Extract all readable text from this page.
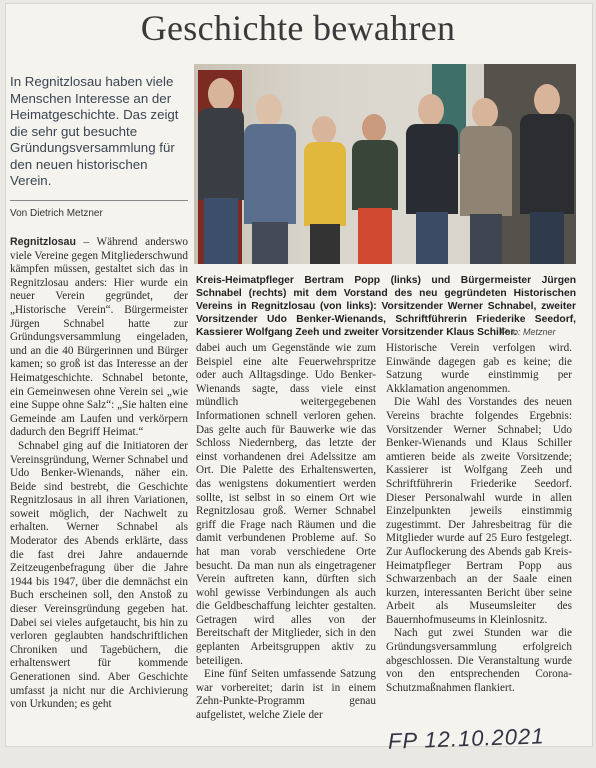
Geschichte bewahren
In Regnitzlosau haben viele Menschen Interesse an der Heimatgeschichte. Das zeigt die sehr gut besuchte Gründungsversammlung für den neuen historischen Verein.
Von Dietrich Metzner
Kreis-Heimatpfleger Bertram Popp (links) und Bürgermeister Jürgen Schnabel (rechts) mit dem Vorstand des neu gegründeten Historischen Vereins in Regnitzlosau (von links): Vorsitzender Werner Schnabel, zweiter Vorsitzender Udo Benker-Wienands, Schriftführerin Friederike Seedorf, Kassierer Wolfgang Zeeh und zweiter Vorsitzender Klaus Schiller.
Foto: Metzner

Regnitzlosau – Während anderswo viele Vereine gegen Mitgliederschwund kämpfen müssen, gestaltet sich das in Regnitzlosau anders: Hier wurde ein neuer Verein gegründet, der „Historische Verein“. Bürgermeister Jürgen Schnabel hatte zur Gründungsversammlung eingeladen, und an die 40 Bürgerinnen und Bürger kamen; so groß ist das Interesse an der Heimatgeschichte. Schnabel betonte, ein Gemeinwesen ohne Verein sei „wie eine Suppe ohne Salz“: „Sie halten eine Gemeinde am Laufen und verkörpern dadurch den Begriff Heimat.“

Schnabel ging auf die Initiatoren der Vereinsgründung, Werner Schnabel und Udo Benker-Wienands, näher ein. Beide sind bestrebt, die Geschichte Regnitzlosaus in all ihren Variationen, soweit möglich, der Nachwelt zu erhalten. Werner Schnabel als Moderator des Abends erklärte, dass die fast drei Jahre andauernde Zeitzeugenbefragung über die Jahre 1944 bis 1947, über die demnächst ein Buch erscheinen soll, den Anstoß zu dieser Vereinsgründung gegeben hat. Dabei sei vieles aufgetaucht, bis hin zu verloren geglaubten handschriftlichen Chroniken und Tagebüchern, die erhaltenswert für kommende Generationen sind. Aber Geschichte umfasst ja nicht nur die Archivierung von Urkunden; es geht

dabei auch um Gegenstände wie zum Beispiel eine alte Feuerwehrspritze oder auch Alltagsdinge. Udo Benker-Wienands sagte, dass viele einst mündlich weitergegebenen Informationen schnell verloren gehen. Das gelte auch für Bauwerke wie das Schloss Niedernberg, das letzte der einst vorhandenen drei Adelssitze am Ort. Die Palette des Erhaltenswerten, das wenigstens dokumentiert werden sollte, ist selbst in so einem Ort wie Regnitzlosau groß. Werner Schnabel griff die Frage nach Räumen und die damit verbundenen Probleme auf. So hat man vorab verschiedene Orte besucht. Da man nun als eingetragener Verein auftreten kann, dürften sich wohl gewisse Verbindungen als auch die Geldbeschaffung leichter gestalten. Getragen wird alles von der Bereitschaft der Mitglieder, sich in den geplanten Arbeitsgruppen aktiv zu beteiligen.

Eine fünf Seiten umfassende Satzung war vorbereitet; darin ist in einem Zehn-Punkte-Programm genau aufgelistet, welche Ziele der

Historische Verein verfolgen wird. Einwände dagegen gab es keine; die Satzung wurde einstimmig per Akklamation angenommen.

Die Wahl des Vorstandes des neuen Vereins brachte folgendes Ergebnis: Vorsitzender Werner Schnabel; Udo Benker-Wienands und Klaus Schiller amtieren beide als zweite Vorsitzende; Kassierer ist Wolfgang Zeeh und Schriftführerin Friederike Seedorf. Dieser Personalwahl wurde in allen Einzelpunkten jeweils einstimmig zugestimmt. Der Jahresbeitrag für die Mitglieder wurde auf 25 Euro festgelegt. Zur Auflockerung des Abends gab Kreis-Heimatpfleger Bertram Popp aus Schwarzenbach an der Saale einen kurzen, interessanten Bericht über seine Arbeit als Museumsleiter des Bauernhofmuseums in Kleinlosnitz.

Nach gut zwei Stunden war die Gründungsversammlung erfolgreich abgeschlossen. Die Veranstaltung wurde von den entsprechenden Corona-Schutzmaßnahmen flankiert.

FP 12.10.2021
